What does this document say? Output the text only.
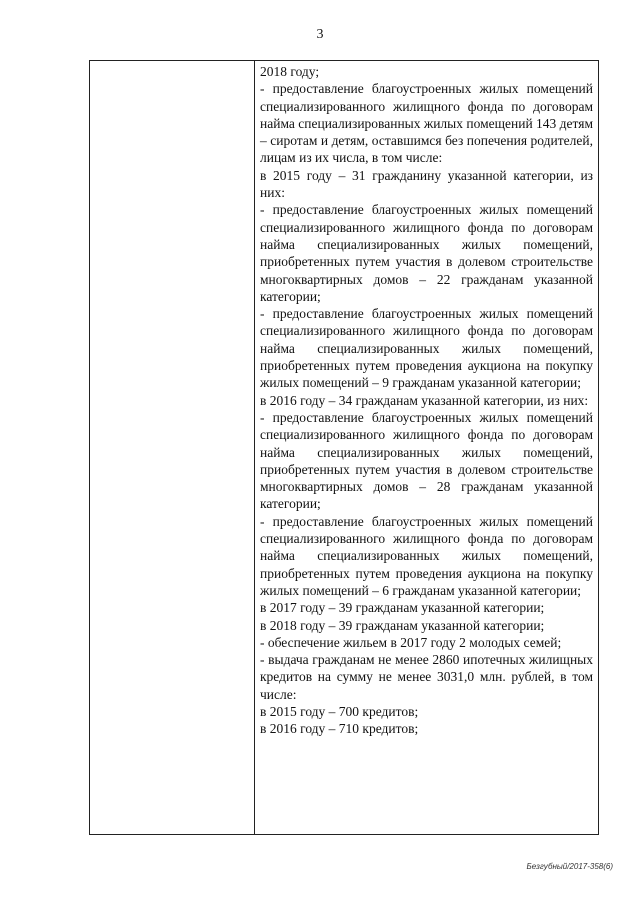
3

2018 году;

- предоставление благоустроенных жилых помещений специализированного жилищного фонда по договорам найма специализированных жилых помещений 143 детям – сиротам и детям, оставшимся без попечения родителей, лицам из их числа, в том числе:

в 2015 году – 31 гражданину указанной категории, из них:

- предоставление благоустроенных жилых помещений специализированного жилищного фонда по договорам найма специализированных жилых помещений, приобретенных путем участия в долевом строительстве многоквартирных домов – 22 гражданам указанной категории;

- предоставление благоустроенных жилых помещений специализированного жилищного фонда по договорам найма специализированных жилых помещений, приобретенных путем проведения аукциона на покупку жилых помещений – 9 гражданам указанной категории;

в 2016 году – 34 гражданам указанной категории, из них:

- предоставление благоустроенных жилых помещений специализированного жилищного фонда по договорам найма специализированных жилых помещений, приобретенных путем участия в долевом строительстве многоквартирных домов – 28 гражданам указанной категории;

- предоставление благоустроенных жилых помещений специализированного жилищного фонда по договорам найма специализированных жилых помещений, приобретенных путем проведения аукциона на покупку жилых помещений – 6 гражданам указанной категории;

в 2017 году – 39 гражданам указанной категории;

в 2018 году – 39 гражданам указанной категории;

- обеспечение жильем в 2017 году 2 молодых семей;

- выдача гражданам не менее 2860 ипотечных жилищных кредитов на сумму не менее 3031,0 млн. рублей, в том числе:

в 2015 году – 700 кредитов;

в 2016 году – 710 кредитов;

Безгубный/2017-358(6)
